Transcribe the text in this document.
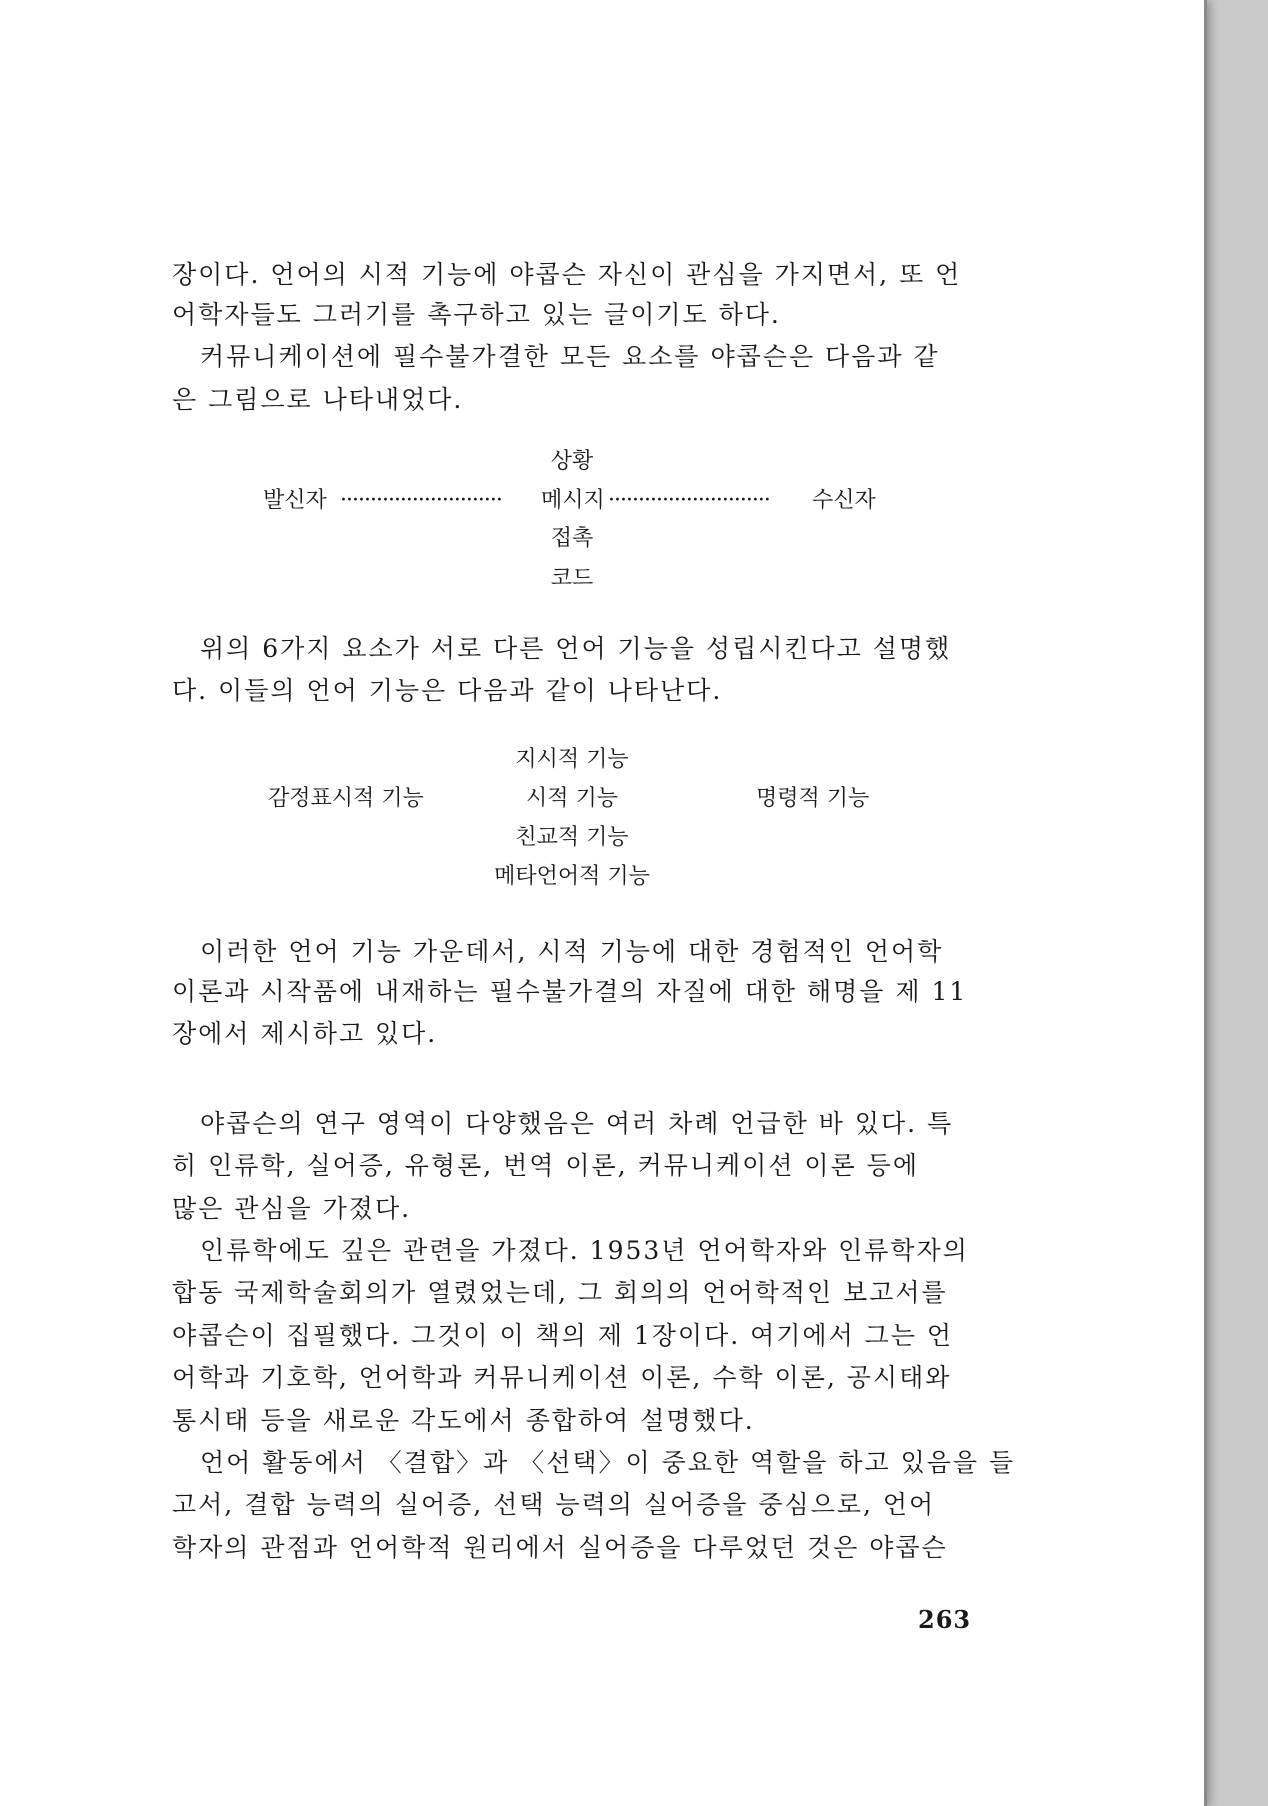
장이다. 언어의 시적 기능에 야콥슨 자신이 관심을 가지면서, 또 언
어학자들도 그러기를 촉구하고 있는 글이기도 하다.
커뮤니케이션에 필수불가결한 모든 요소를 야콥슨은 다음과 같
은 그림으로 나타내었다.
상황
발신자 ··························· 메시지 ··························· 수신자
접촉
코드
위의 6가지 요소가 서로 다른 언어 기능을 성립시킨다고 설명했
다. 이들의 언어 기능은 다음과 같이 나타난다.
지시적 기능
감정표시적 기능	시적 기능	명령적 기능
친교적 기능
메타언어적 기능
이러한 언어 기능 가운데서, 시적 기능에 대한 경험적인 언어학
이론과 시작품에 내재하는 필수불가결의 자질에 대한 해명을 제 11
장에서 제시하고 있다.
야콥슨의 연구 영역이 다양했음은 여러 차례 언급한 바 있다. 특
히 인류학, 실어증, 유형론, 번역 이론, 커뮤니케이션 이론 등에
많은 관심을 가졌다.
인류학에도 깊은 관련을 가졌다. 1953년 언어학자와 인류학자의
합동 국제학술회의가 열렸었는데, 그 회의의 언어학적인 보고서를
야콥슨이 집필했다. 그것이 이 책의 제 1장이다. 여기에서 그는 언
어학과 기호학, 언어학과 커뮤니케이션 이론, 수학 이론, 공시태와
통시태 등을 새로운 각도에서 종합하여 설명했다.
언어 활동에서 〈결합〉과 〈선택〉이 중요한 역할을 하고 있음을 들
고서, 결합 능력의 실어증, 선택 능력의 실어증을 중심으로, 언어
학자의 관점과 언어학적 원리에서 실어증을 다루었던 것은 야콥슨
263
